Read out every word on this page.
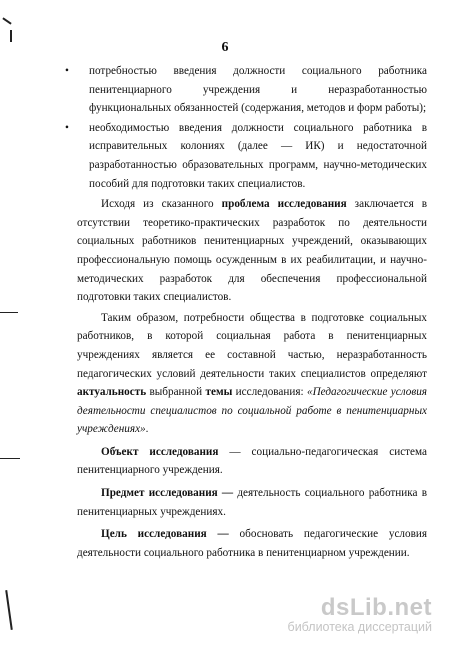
6

• потребностью введения должности социального работника пенитенциарного учреждения и неразработанностью функциональных обязанностей (содержания, методов и форм работы);

• необходимостью введения должности социального работника в исправительных колониях (далее — ИК) и недостаточной разработанностью образовательных программ, научно-методических пособий для подготовки таких специалистов.

Исходя из сказанного проблема исследования заключается в отсутствии теоретико-практических разработок по деятельности социальных работников пенитенциарных учреждений, оказывающих профессиональную помощь осужденным в их реабилитации, и научно-методических разработок для обеспечения профессиональной подготовки таких специалистов.

Таким образом, потребности общества в подготовке социальных работников, в которой социальная работа в пенитенциарных учреждениях является ее составной частью, неразработанность педагогических условий деятельности таких специалистов определяют актуальность выбранной темы исследования: «Педагогические условия деятельности специалистов по социальной работе в пенитенциарных учреждениях».

Объект исследования — социально-педагогическая система пенитенциарного учреждения.

Предмет исследования — деятельность социального работника в пенитенциарных учреждениях.

Цель исследования — обосновать педагогические условия деятельности социального работника в пенитенциарном учреждении.

dsLib.net
библиотека диссертаций
